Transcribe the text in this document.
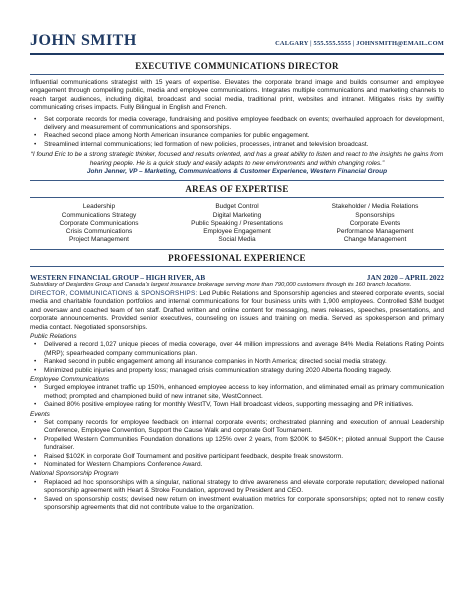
JOHN SMITH	CALGARY | 555.555.5555 | JOHNSMITH@EMAIL.COM
EXECUTIVE COMMUNICATIONS DIRECTOR

Influential communications strategist with 15 years of expertise. Elevates the corporate brand image and builds consumer and employee engagement through compelling public, media and employee communications. Integrates multiple communications and marketing channels to reach target audiences, including digital, broadcast and social media, traditional print, websites and intranet. Mitigates risks by swiftly communicating crises impacts. Fully Bilingual in English and French.

• Set corporate records for media coverage, fundraising and positive employee feedback on events; overhauled approach for development, delivery and measurement of communications and sponsorships.
• Reached second place among North American insurance companies for public engagement.
• Streamlined internal communications; led formation of new policies, processes, intranet and television broadcast.

“I found Eric to be a strong strategic thinker, focused and results oriented, and has a great ability to listen and react to the insights he gains from hearing people. He is a quick study and easily adapts to new environments and within changing roles.”

John Jenner, VP – Marketing, Communications & Customer Experience, Western Financial Group

AREAS OF EXPERTISE
Leadership	Budget Control	Stakeholder / Media Relations
Communications Strategy	Digital Marketing	Sponsorships
Corporate Communications	Public Speaking / Presentations	Corporate Events
Crisis Communications	Employee Engagement	Performance Management
Project Management	Social Media	Change Management
PROFESSIONAL EXPERIENCE
WESTERN FINANCIAL GROUP – HIGH RIVER, AB	JAN 2020 – APRIL 2022

Subsidiary of Desjardins Group and Canada’s largest insurance brokerage serving more than 790,000 customers through its 160 branch locations.

DIRECTOR, COMMUNICATIONS & SPONSORSHIPS: Led Public Relations and Sponsorship agencies and steered corporate events, social media and charitable foundation portfolios and internal communications for four business units with 1,900 employees. Controlled $3M budget and oversaw and coached team of ten staff. Drafted written and online content for messaging, news releases, speeches, presentations, and corporate announcements. Provided senior executives, counseling on issues and training on media. Served as spokesperson and primary media contact. Negotiated sponsorships.

Public Relations
• Delivered a record 1,027 unique pieces of media coverage, over 44 million impressions and average 84% Media Relations Rating Points (MRP); spearheaded company communications plan.
• Ranked second in public engagement among all insurance companies in North America; directed social media strategy.
• Minimized public injuries and property loss; managed crisis communication strategy during 2020 Alberta flooding tragedy.
Employee Communications
• Surged employee intranet traffic up 150%, enhanced employee access to key information, and eliminated email as primary communication method; prompted and championed build of new intranet site, WestConnect.
• Gained 80% positive employee rating for monthly WestTV, Town Hall broadcast videos, supporting messaging and PR initiatives.
Events
• Set company records for employee feedback on internal corporate events; orchestrated planning and execution of annual Leadership Conference, Employee Convention, Support the Cause Walk and corporate Golf Tournament.
• Propelled Western Communities Foundation donations up 125% over 2 years, from $200K to $450K+; piloted annual Support the Cause fundraiser.
• Raised $102K in corporate Golf Tournament and positive participant feedback, despite freak snowstorm.
• Nominated for Western Champions Conference Award.
National Sponsorship Program
• Replaced ad hoc sponsorships with a singular, national strategy to drive awareness and elevate corporate reputation; developed national sponsorship agreement with Heart & Stroke Foundation, approved by President and CEO.
• Saved on sponsorship costs; devised new return on investment evaluation metrics for corporate sponsorships; opted not to renew costly sponsorship agreements that did not contribute value to the organization.
